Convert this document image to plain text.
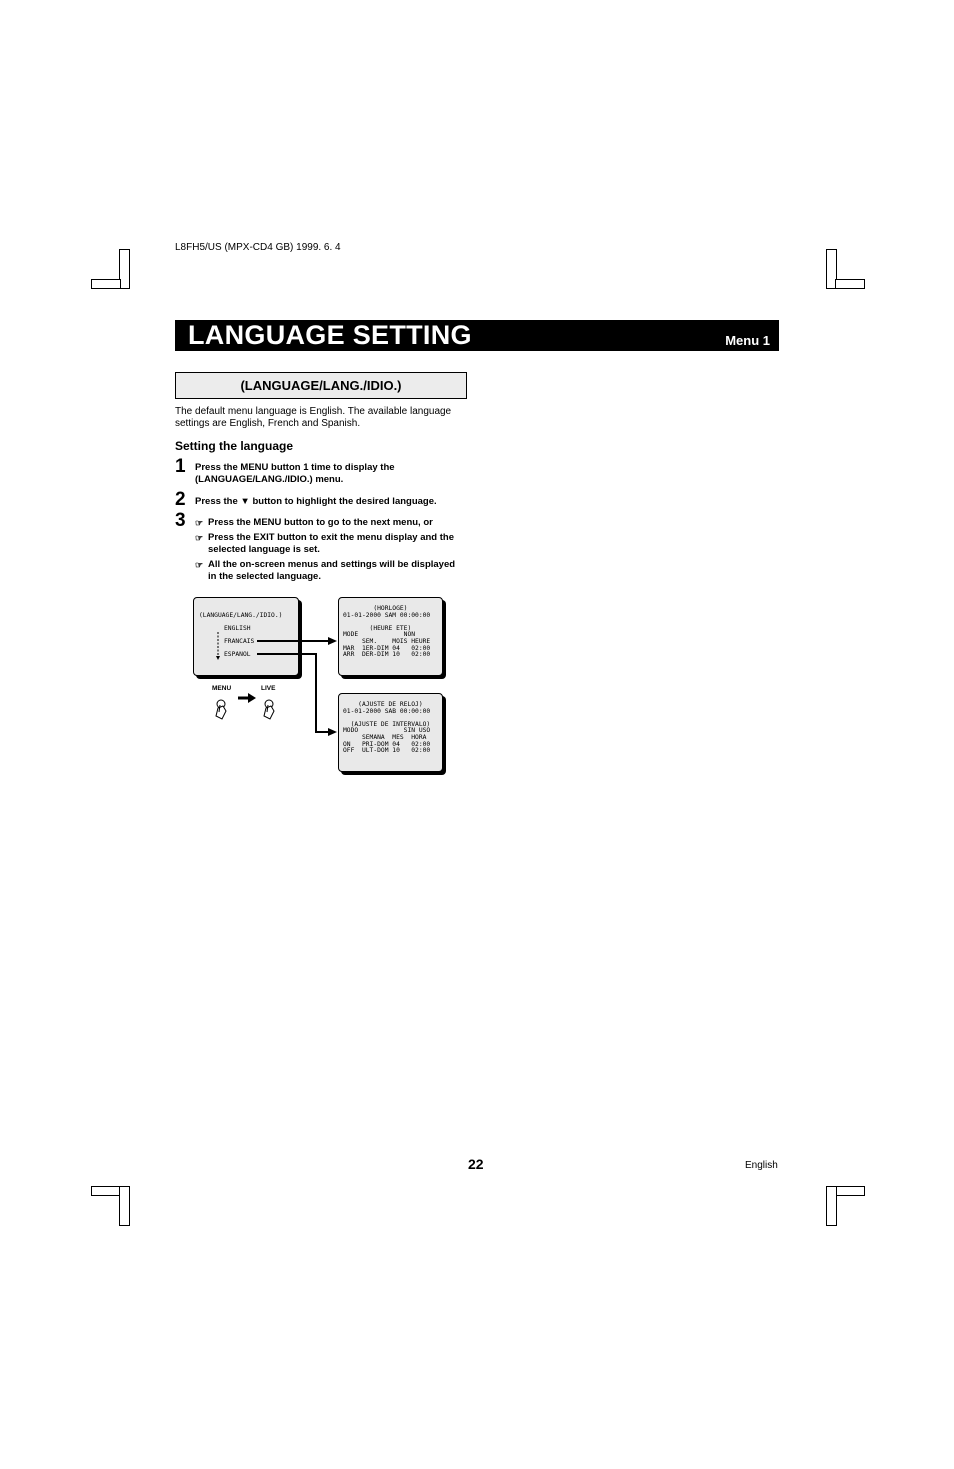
L8FH5/US (MPX-CD4 GB) 1999. 6. 4
LANGUAGE SETTING	Menu 1
(LANGUAGE/LANG./IDIO.)
The default menu language is English. The available language settings are English, French and Spanish.
Setting the language
1 Press the MENU button 1 time to display the (LANGUAGE/LANG./IDIO.) menu.
2 Press the ▼ button to highlight the desired language.
3 ☞ Press the MENU button to go to the next menu, or
☞ Press the EXIT button to exit the menu display and the selected language is set.
☞ All the on-screen menus and settings will be displayed in the selected language.

(LANGUAGE/LANG./IDIO.)

ENGLISH

FRANCAIS

ESPANOL

(HORLOGE)
01-01-2000 SAM 00:00:00
(HEURE ETE)
MODE            NON
SEM.    MOIS HEURE
MAR  1ER-DIM 04   02:00
ARR  DER-DIM 10   02:00

(AJUSTE DE RELOJ)
01-01-2000 SAB 00:00:00
(AJUSTE DE INTERVALO)
MODO            SIN USO
SEMANA  MES  HORA
ON   PRI-DOM 04   02:00
OFF  ULT-DOM 10   02:00

MENU	LIVE
22	English
